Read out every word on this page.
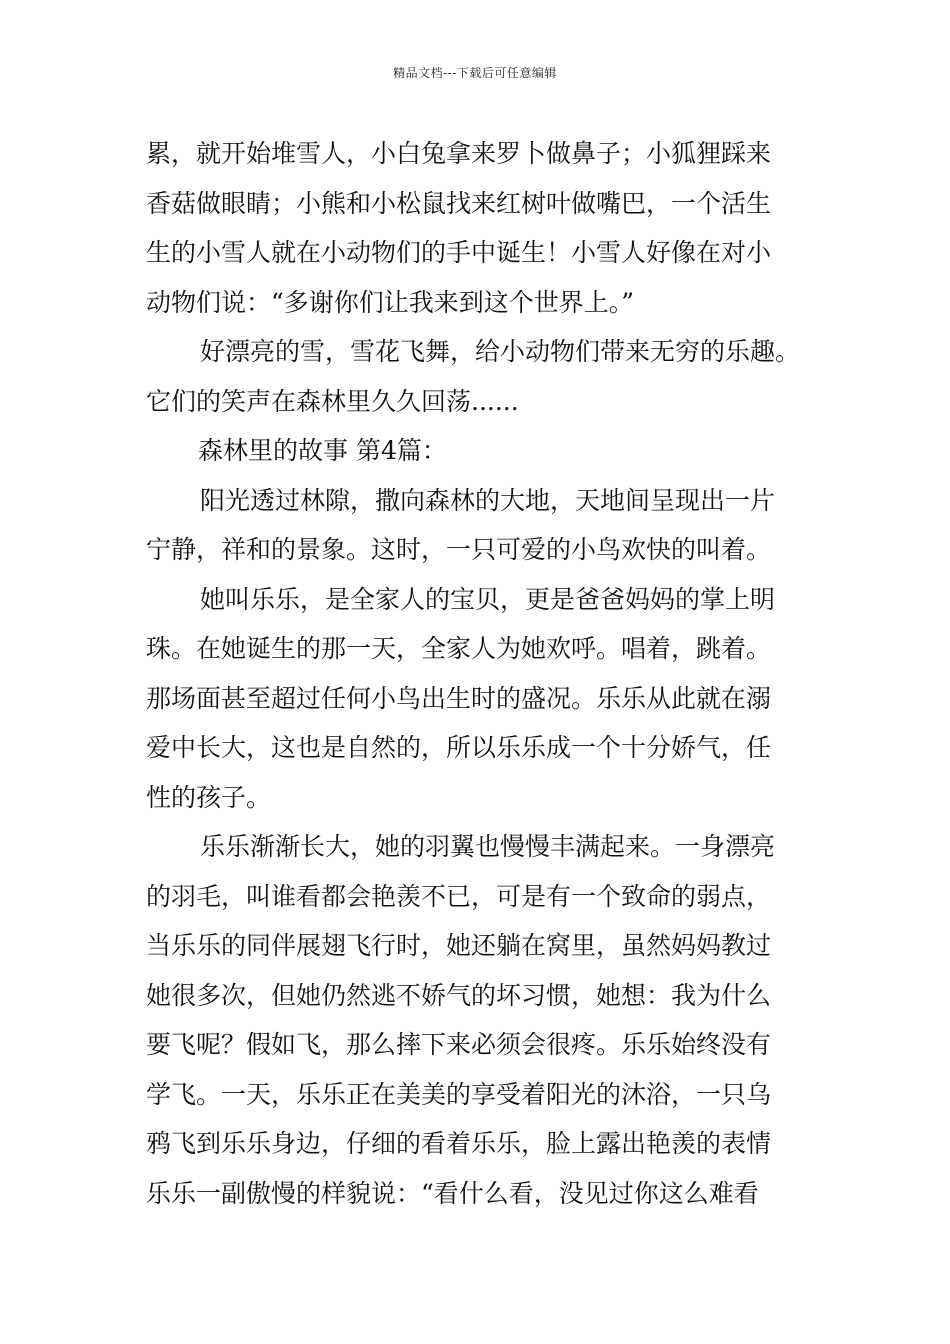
精品文档---下载后可任意编辑
累，就开始堆雪人，小白兔拿来罗卜做鼻子；小狐狸踩来
香菇做眼睛；小熊和小松鼠找来红树叶做嘴巴，一个活生
生的小雪人就在小动物们的手中诞生！小雪人好像在对小
动物们说：“多谢你们让我来到这个世界上。”
好漂亮的雪，雪花飞舞，给小动物们带来无穷的乐趣。
它们的笑声在森林里久久回荡......
森林里的故事 第4篇：
阳光透过林隙，撒向森林的大地，天地间呈现出一片
宁静，祥和的景象。这时，一只可爱的小鸟欢快的叫着。
她叫乐乐，是全家人的宝贝，更是爸爸妈妈的掌上明
珠。在她诞生的那一天，全家人为她欢呼。唱着，跳着。
那场面甚至超过任何小鸟出生时的盛况。乐乐从此就在溺
爱中长大，这也是自然的，所以乐乐成一个十分娇气，任
性的孩子。
乐乐渐渐长大，她的羽翼也慢慢丰满起来。一身漂亮
的羽毛，叫谁看都会艳羡不已，可是有一个致命的弱点，
当乐乐的同伴展翅飞行时，她还躺在窝里，虽然妈妈教过
她很多次，但她仍然逃不娇气的坏习惯，她想：我为什么
要飞呢？假如飞，那么摔下来必须会很疼。乐乐始终没有
学飞。一天，乐乐正在美美的享受着阳光的沐浴，一只乌
鸦飞到乐乐身边，仔细的看着乐乐，脸上露出艳羡的表情
乐乐一副傲慢的样貌说：“看什么看，没见过你这么难看
